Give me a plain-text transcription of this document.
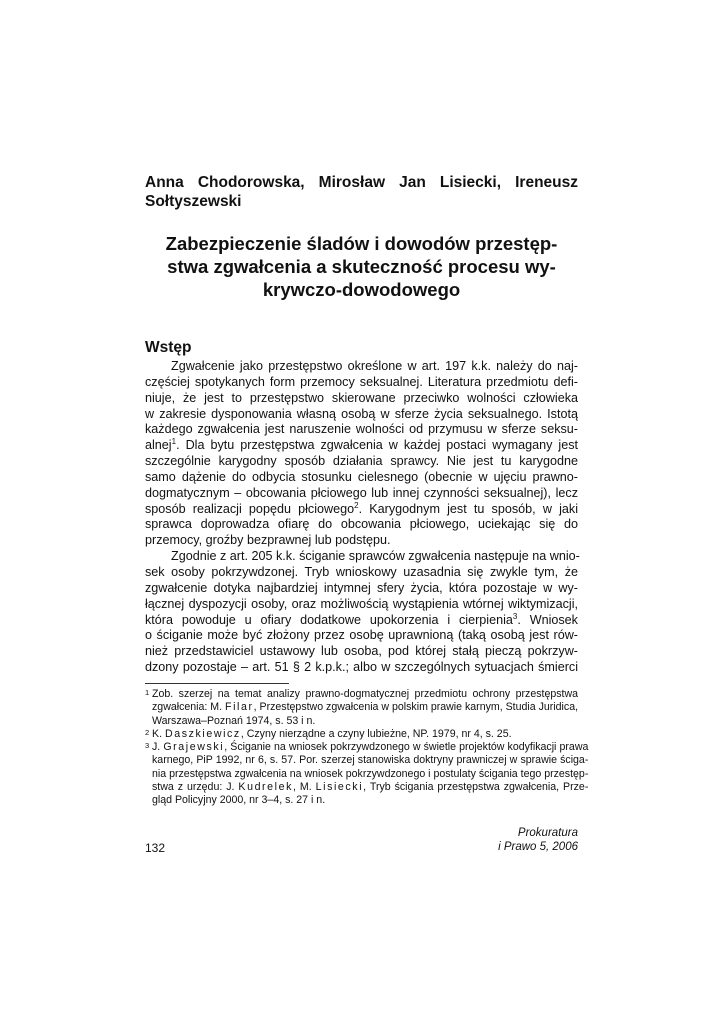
Anna Chodorowska, Mirosław Jan Lisiecki, Ireneusz Sołtyszewski
Zabezpieczenie śladów i dowodów przestęp-
stwa zgwałcenia a skuteczność procesu wy-
krywczo-dowodowego
Wstęp

Zgwałcenie jako przestępstwo określone w art. 197 k.k. należy do naj-
częściej spotykanych form przemocy seksualnej. Literatura przedmiotu defi-
niuje, że jest to przestępstwo skierowane przeciwko wolności człowieka
w zakresie dysponowania własną osobą w sferze życia seksualnego. Istotą
każdego zgwałcenia jest naruszenie wolności od przymusu w sferze seksu-
alnej$^1$. Dla bytu przestępstwa zgwałcenia w każdej postaci wymagany jest
szczególnie karygodny sposób działania sprawcy. Nie jest tu karygodne
samo dążenie do odbycia stosunku cielesnego (obecnie w ujęciu prawno-
dogmatycznym – obcowania płciowego lub innej czynności seksualnej), lecz
sposób realizacji popędu płciowego$^2$. Karygodnym jest tu sposób, w jaki
sprawca doprowadza ofiarę do obcowania płciowego, uciekając się do
przemocy, groźby bezprawnej lub podstępu.

Zgodnie z art. 205 k.k. ściganie sprawców zgwałcenia następuje na wnio-
sek osoby pokrzywdzonej. Tryb wnioskowy uzasadnia się zwykle tym, że
zgwałcenie dotyka najbardziej intymnej sfery życia, która pozostaje w wy-
łącznej dyspozycji osoby, oraz możliwością wystąpienia wtórnej wiktymizacji,
która powoduje u ofiary dodatkowe upokorzenia i cierpienia$^3$. Wniosek
o ściganie może być złożony przez osobę uprawnioną (taką osobą jest rów-
nież przedstawiciel ustawowy lub osoba, pod której stałą pieczą pokrzyw-
dzony pozostaje – art. 51 § 2 k.p.k.; albo w szczególnych sytuacjach śmierci

1 Zob. szerzej na temat analizy prawno-dogmatycznej przedmiotu ochrony przestępstwa
zgwałcenia: M. Filar, Przestępstwo zgwałcenia w polskim prawie karnym, Studia Juridica,
Warszawa–Poznań 1974, s. 53 i n.
2 K. Daszkiewicz, Czyny nierządne a czyny lubieżne, NP. 1979, nr 4, s. 25.
3 J. Grajewski, Ściganie na wniosek pokrzywdzonego w świetle projektów kodyfikacji prawa
karnego, PiP 1992, nr 6, s. 57. Por. szerzej stanowiska doktryny prawniczej w sprawie ściga-
nia przestępstwa zgwałcenia na wniosek pokrzywdzonego i postulaty ścigania tego przestęp-
stwa z urzędu: J. Kudrelek, M. Lisiecki, Tryb ścigania przestępstwa zgwałcenia, Prze-
gląd Policyjny 2000, nr 3–4, s. 27 i n.
132
Prokuratura
i Prawo 5, 2006
